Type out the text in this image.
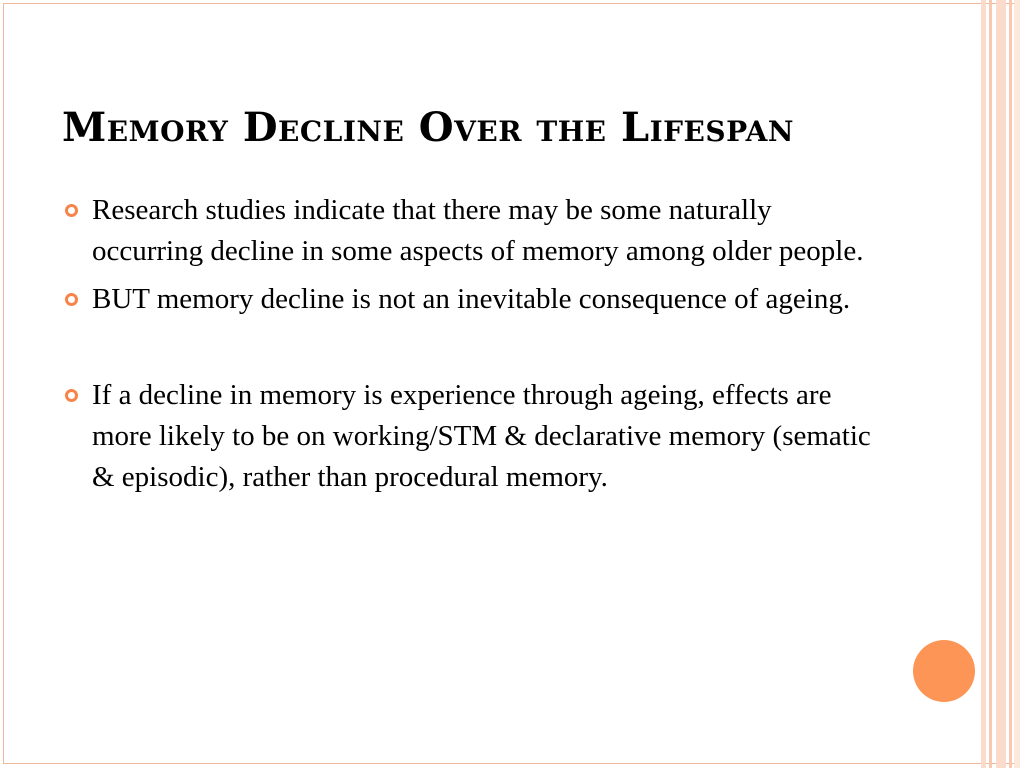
Memory Decline Over the Lifespan
Research studies indicate that there may be some naturally occurring decline in some aspects of memory among older people.
BUT memory decline is not an inevitable consequence of ageing.
If a decline in memory is experience through ageing, effects are more likely to be on working/STM & declarative memory (sematic & episodic), rather than procedural memory.
